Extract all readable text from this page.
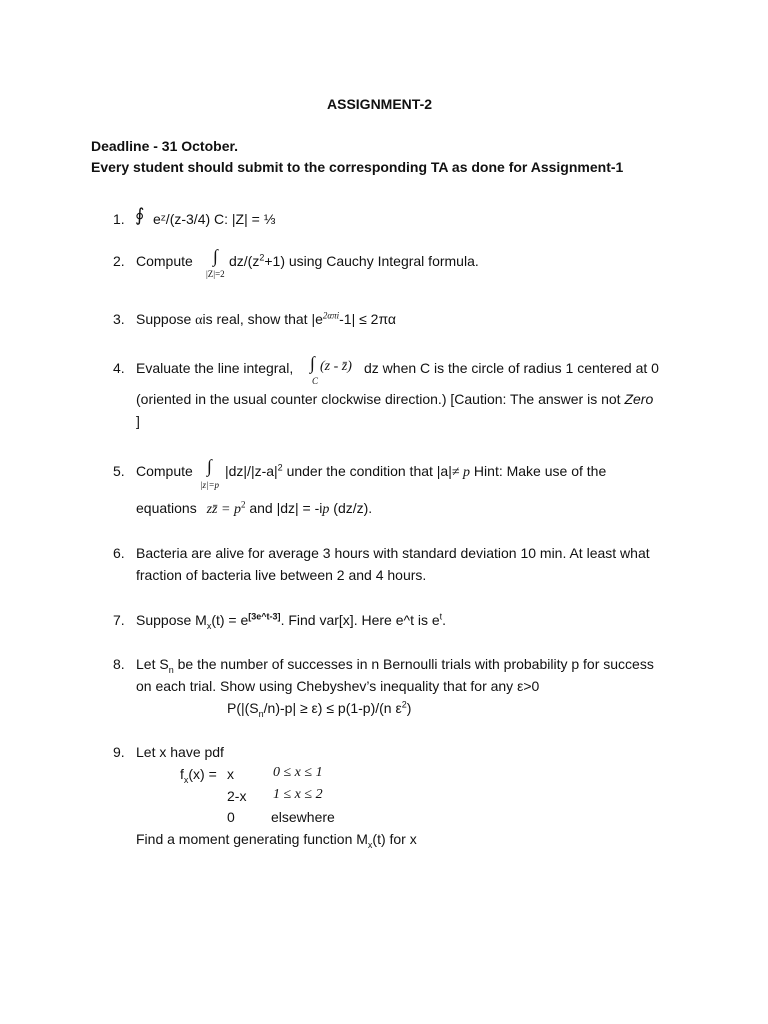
ASSIGNMENT-2
Deadline - 31 October.
Every student should submit to the corresponding TA as done for Assignment-1
1. ∮ eᶻ/(z-3/4) C: |Z| = ⅓
2. Compute ∫
|Z|=2
$dz/(z^2+1)$ using Cauchy Integral formula.
3. Suppose αis real, show that $|e^{2\alpha\pi i}-1| \le 2\pi\alpha$
4. Evaluate the line integral, ∫
C
(z - z̄) dz when C is the circle of radius 1 centered at 0
(oriented in the usual counter clockwise direction.) [Caution: The answer is not Zero
]
5. Compute ∫
|z|=p
$|dz|/|z-a|^2$ under the condition that |a|≠ p Hint: Make use of the
equations zz̄ = $p^2$ and |dz| = -ip (dz/z).
6. Bacteria are alive for average 3 hours with standard deviation 10 min. At least what
fraction of bacteria live between 2 and 4 hours.
7. Suppose $M_x(t) = e[3e\^{}t-3]$. Find var[x]. Here e^t is $e^t$.
8. Let $S_n$ be the number of successes in n Bernoulli trials with probability p for success
on each trial. Show using Chebyshev’s inequality that for any ε>0
$P(|(S_n/n)-p| \ge \varepsilon) \le p(1-p)/(n$ $\varepsilon^2$)
9. Let x have pdf
$f_x(x) = x$	0 ≤ x ≤ 1
2-x 1 ≤ x ≤ 2
0	elsewhere
Find a moment generating function $M_x(t)$ for x
